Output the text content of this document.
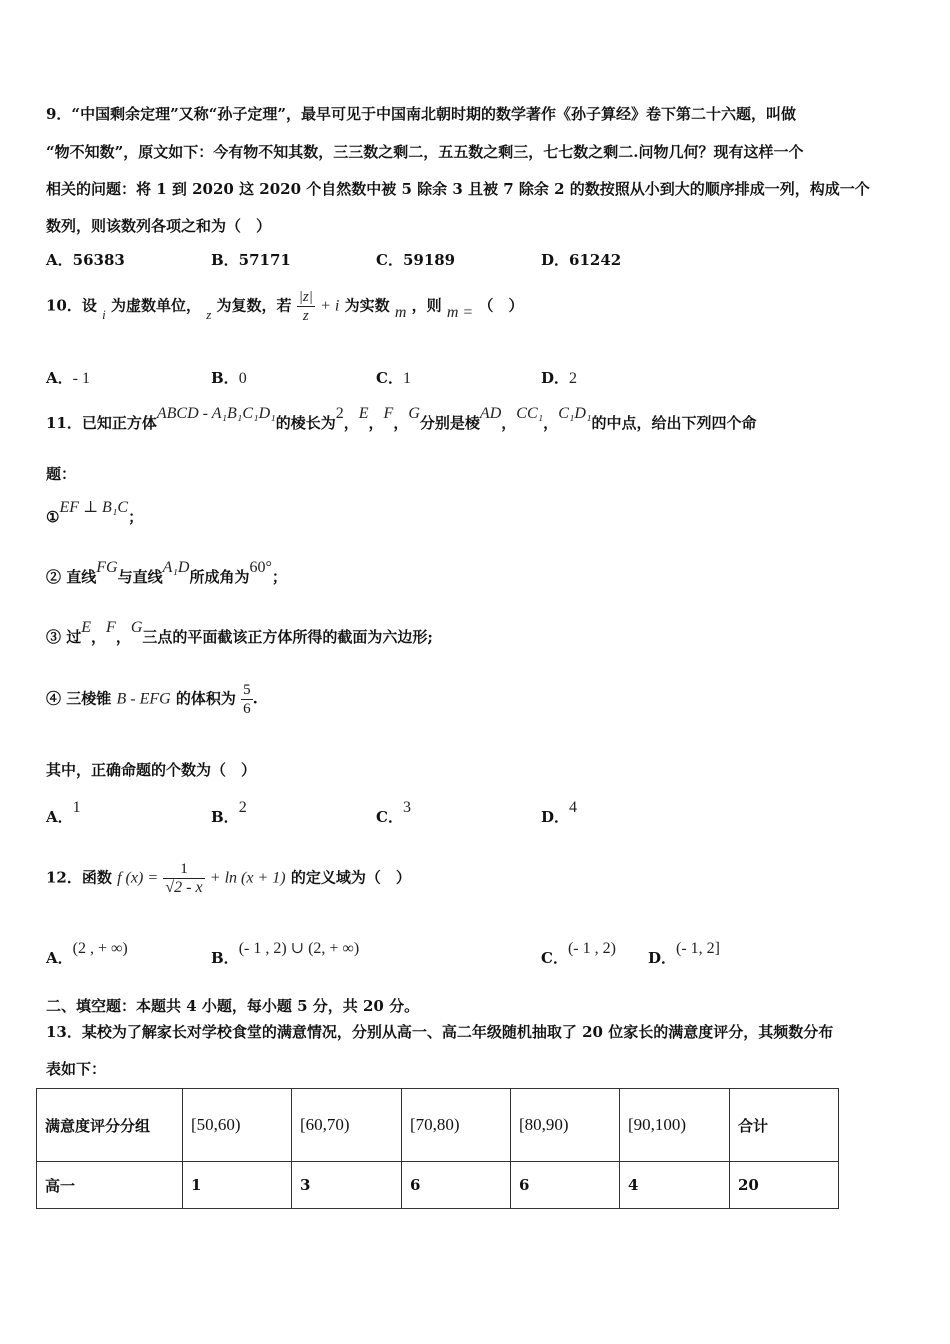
9．“中国剩余定理”又称“孙子定理”，最早可见于中国南北朝时期的数学著作《孙子算经》卷下第二十六题，叫做
“物不知数”，原文如下：今有物不知其数，三三数之剩二，五五数之剩三，七七数之剩二.问物几何？现有这样一个
相关的问题：将 1 到 2020 这 2020 个自然数中被 5 除余 3 且被 7 除余 2 的数按照从小到大的顺序排成一列，构成一个
数列，则该数列各项之和为（　）
A．56383	B．57171	C．59189	D．61242
10．设 i 为虚数单位， z 为复数，若 $\frac{|z|}{z} + i$ 为实数 m ，则 m = （　）
A．- 1	B．0	C．1	D．2
11．已知正方体ABCD - A₁B₁C₁D₁的棱长为2，E，F，G分别是棱AD，CC₁，C₁D₁的中点，给出下列四个命
题：
①EF ⊥ B₁C；
② 直线FG与直线A₁D所成角为60°；
③ 过E，F，G三点的平面截该正方体所得的截面为六边形;
④ 三棱锥 B - EFG 的体积为 $\frac{5}{6}$ .
其中，正确命题的个数为（　）
A．1
B．2
C．3
D．4
12．函数 f $(x) = \frac{1}{√2 - x} + \ln (x + 1)$ 的定义域为（　）
A．(2 , + ∞)
B．(- 1 , 2) ∪ (2, + ∞)
C．(- 1 , 2)
D．(- 1, 2]
二、填空题：本题共 4 小题，每小题 5 分，共 20 分。
13．某校为了解家长对学校食堂的满意情况，分别从高一、高二年级随机抽取了 20 位家长的满意度评分，其频数分布
表如下：
满意度评分分组	[50,60)	[60,70)	[70,80)	[80,90)	[90,100)	合计
高一	1	3	6	6	4	20
